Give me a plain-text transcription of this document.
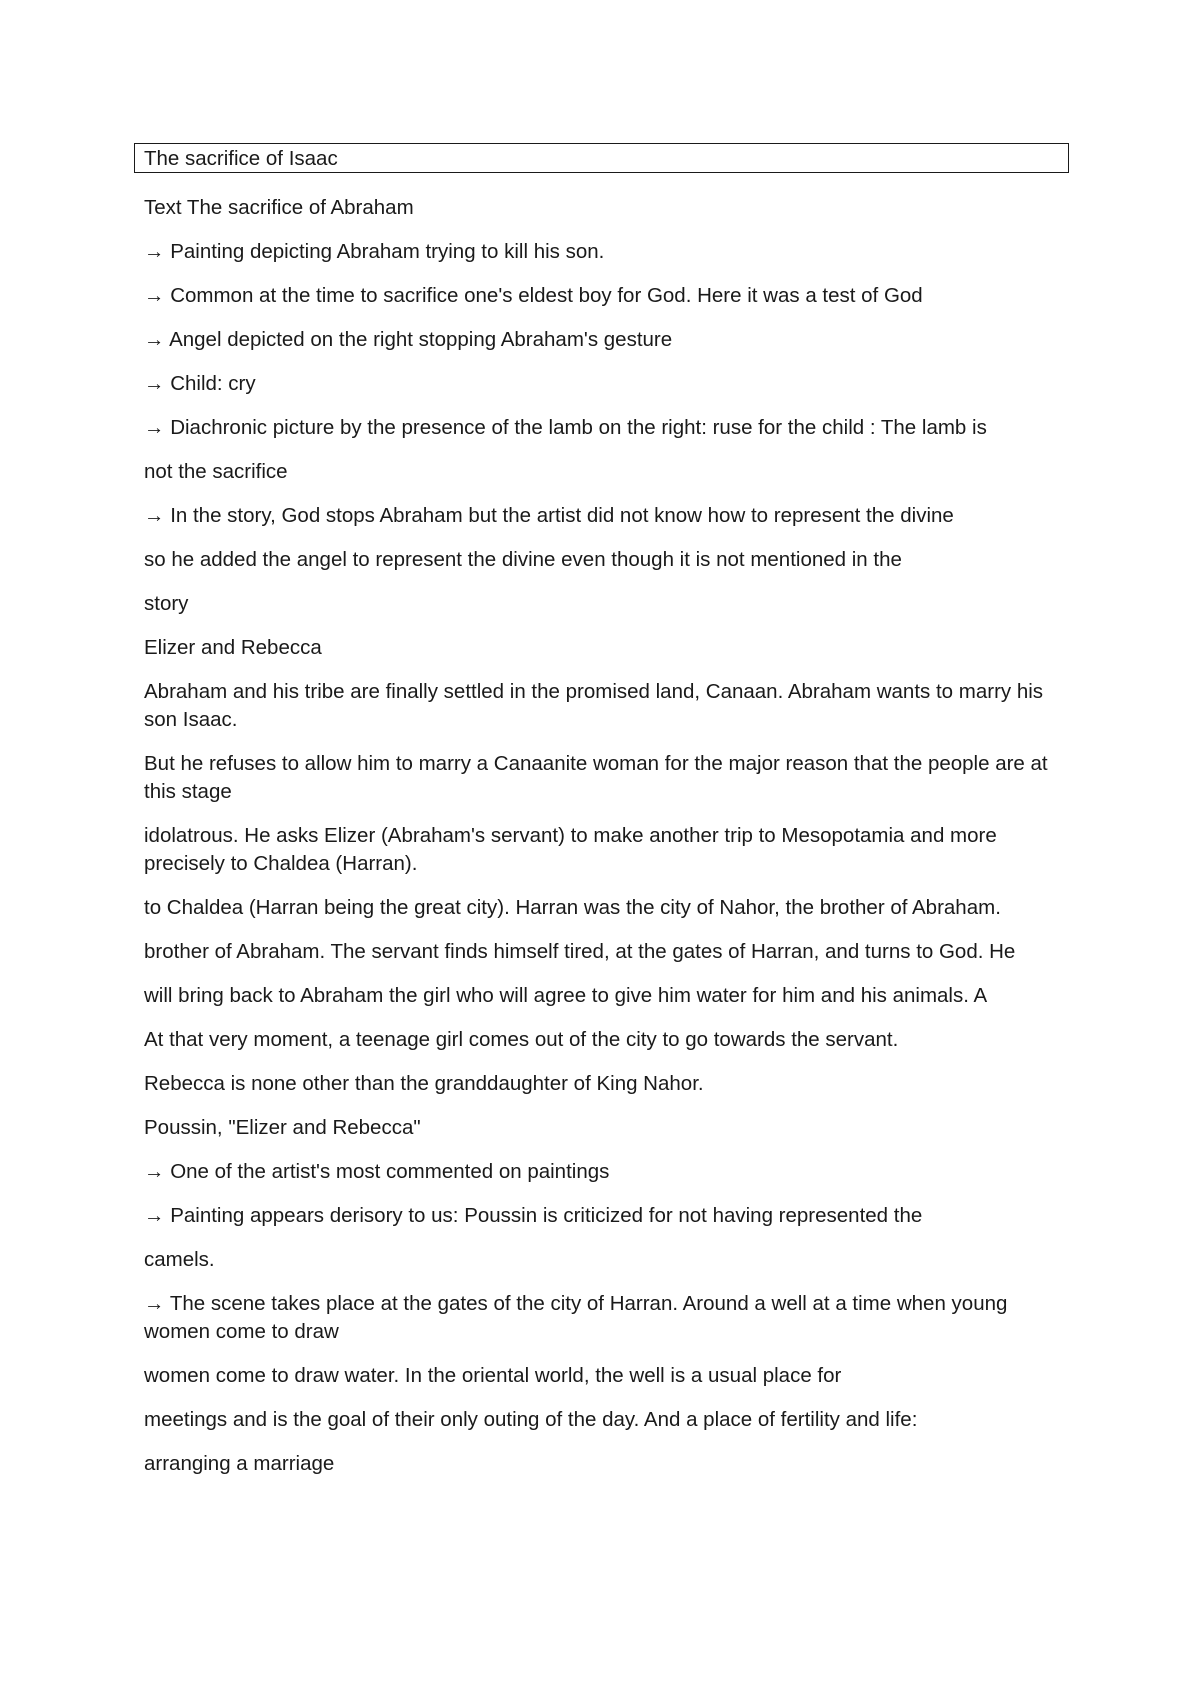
The sacrifice of Isaac

Text The sacrifice of Abraham

→ Painting depicting Abraham trying to kill his son.

→ Common at the time to sacrifice one's eldest boy for God. Here it was a test of God

→ Angel depicted on the right stopping Abraham's gesture

→ Child: cry

→ Diachronic picture by the presence of the lamb on the right: ruse for the child : The lamb is

not the sacrifice

→ In the story, God stops Abraham but the artist did not know how to represent the divine

so he added the angel to represent the divine even though it is not mentioned in the

story

Elizer and Rebecca

Abraham and his tribe are finally settled in the promised land, Canaan. Abraham wants to marry his son Isaac.

But he refuses to allow him to marry a Canaanite woman for the major reason that the people are at this stage

idolatrous. He asks Elizer (Abraham's servant) to make another trip to Mesopotamia and more precisely to Chaldea (Harran).

to Chaldea (Harran being the great city). Harran was the city of Nahor, the brother of Abraham.

brother of Abraham. The servant finds himself tired, at the gates of Harran, and turns to God. He

will bring back to Abraham the girl who will agree to give him water for him and his animals. A

At that very moment, a teenage girl comes out of the city to go towards the servant.

Rebecca is none other than the granddaughter of King Nahor.

Poussin, "Elizer and Rebecca"

→ One of the artist's most commented on paintings

→ Painting appears derisory to us: Poussin is criticized for not having represented the

camels.

→ The scene takes place at the gates of the city of Harran. Around a well at a time when young women come to draw

women come to draw water. In the oriental world, the well is a usual place for

meetings and is the goal of their only outing of the day. And a place of fertility and life:

arranging a marriage
